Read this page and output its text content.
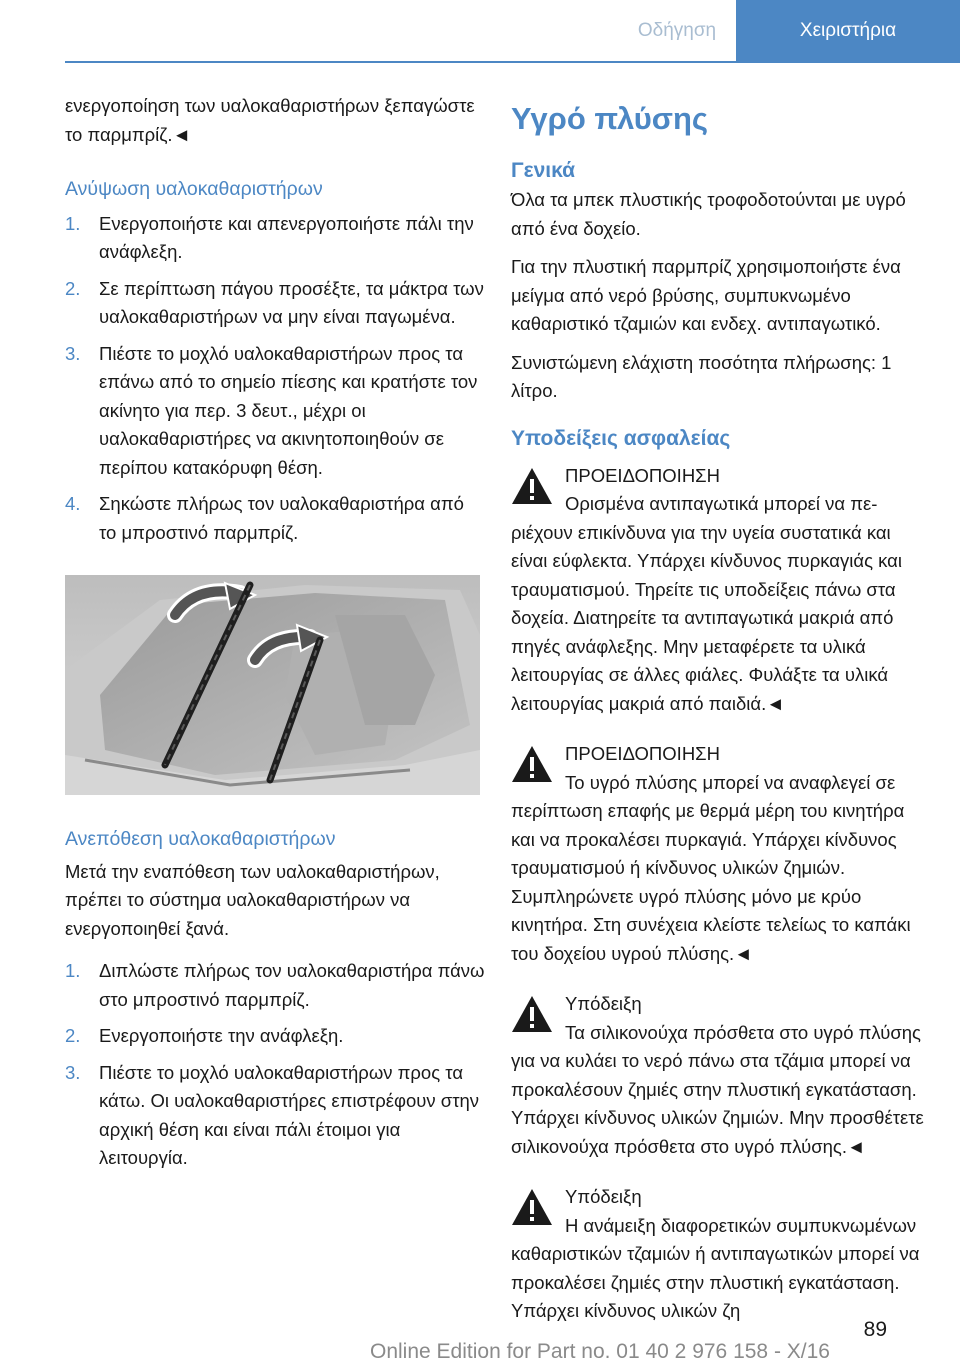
Οδήγηση	Χειριστήρια

ενεργοποίηση των υαλοκαθαριστήρων ξεπαγώστε το παρμπρίζ.◄

Ανύψωση υαλοκαθαριστήρων

1. Ενεργοποιήστε και απενεργοποιήστε πάλι την ανάφλεξη.
2. Σε περίπτωση πάγου προσέξτε, τα μάκτρα των υαλοκαθαριστήρων να μην είναι παγωμένα.
3. Πιέστε το μοχλό υαλοκαθαριστήρων προς τα επάνω από το σημείο πίεσης και κρατήστε τον ακίνητο για περ. 3 δευτ., μέχρι οι υαλοκαθαριστήρες να ακινητοποιηθούν σε περίπου κατακόρυφη θέση.
4. Σηκώστε πλήρως τον υαλοκαθαριστήρα από το μπροστινό παρμπρίζ.

Ανεπόθεση υαλοκαθαριστήρων

Μετά την εναπόθεση των υαλοκαθαριστήρων, πρέπει το σύστημα υαλοκαθαριστήρων να ενεργοποιηθεί ξανά.

1. Διπλώστε πλήρως τον υαλοκαθαριστήρα πάνω στο μπροστινό παρμπρίζ.
2. Ενεργοποιήστε την ανάφλεξη.
3. Πιέστε το μοχλό υαλοκαθαριστήρων προς τα κάτω. Οι υαλοκαθαριστήρες επιστρέφουν στην αρχική θέση και είναι πάλι έτοιμοι για λειτουργία.

Υγρό πλύσης

Γενικά

Όλα τα μπεκ πλυστικής τροφοδοτούνται με υγρό από ένα δοχείο.

Για την πλυστική παρμπρίζ χρησιμοποιήστε ένα μείγμα από νερό βρύσης, συμπυκνωμένο καθαριστικό τζαμιών και ενδεχ. αντιπαγωτικό.

Συνιστώμενη ελάχιστη ποσότητα πλήρωσης: 1 λίτρο.

Υποδείξεις ασφαλείας

ΠΡΟΕΙΔΟΠΟΙΗΣΗ

Ορισμένα αντιπαγωτικά μπορεί να περιέχουν επικίνδυνα για την υγεία συστατικά και είναι εύφλεκτα. Υπάρχει κίνδυνος πυρκαγιάς και τραυματισμού. Τηρείτε τις υποδείξεις πάνω στα δοχεία. Διατηρείτε τα αντιπαγωτικά μακριά από πηγές ανάφλεξης. Μην μεταφέρετε τα υλικά λειτουργίας σε άλλες φιάλες. Φυλάξτε τα υλικά λειτουργίας μακριά από παιδιά.◄

ΠΡΟΕΙΔΟΠΟΙΗΣΗ

Το υγρό πλύσης μπορεί να αναφλεγεί σε περίπτωση επαφής με θερμά μέρη του κινητήρα και να προκαλέσει πυρκαγιά. Υπάρχει κίνδυνος τραυματισμού ή κίνδυνος υλικών ζημιών. Συμπληρώνετε υγρό πλύσης μόνο με κρύο κινητήρα. Στη συνέχεια κλείστε τελείως το καπάκι του δοχείου υγρού πλύσης.◄

Υπόδειξη

Τα σιλικονούχα πρόσθετα στο υγρό πλύσης για να κυλάει το νερό πάνω στα τζάμια μπορεί να προκαλέσουν ζημιές στην πλυστική εγκατάσταση. Υπάρχει κίνδυνος υλικών ζημιών. Μην προσθέτετε σιλικονούχα πρόσθετα στο υγρό πλύσης.◄

Υπόδειξη

Η ανάμειξη διαφορετικών συμπυκνωμένων καθαριστικών τζαμιών ή αντιπαγωτικών μπορεί να προκαλέσει ζημιές στην πλυστική εγκατάσταση. Υπάρχει κίνδυνος υλικών ζη

89
Online Edition for Part no. 01 40 2 976 158 - X/16
